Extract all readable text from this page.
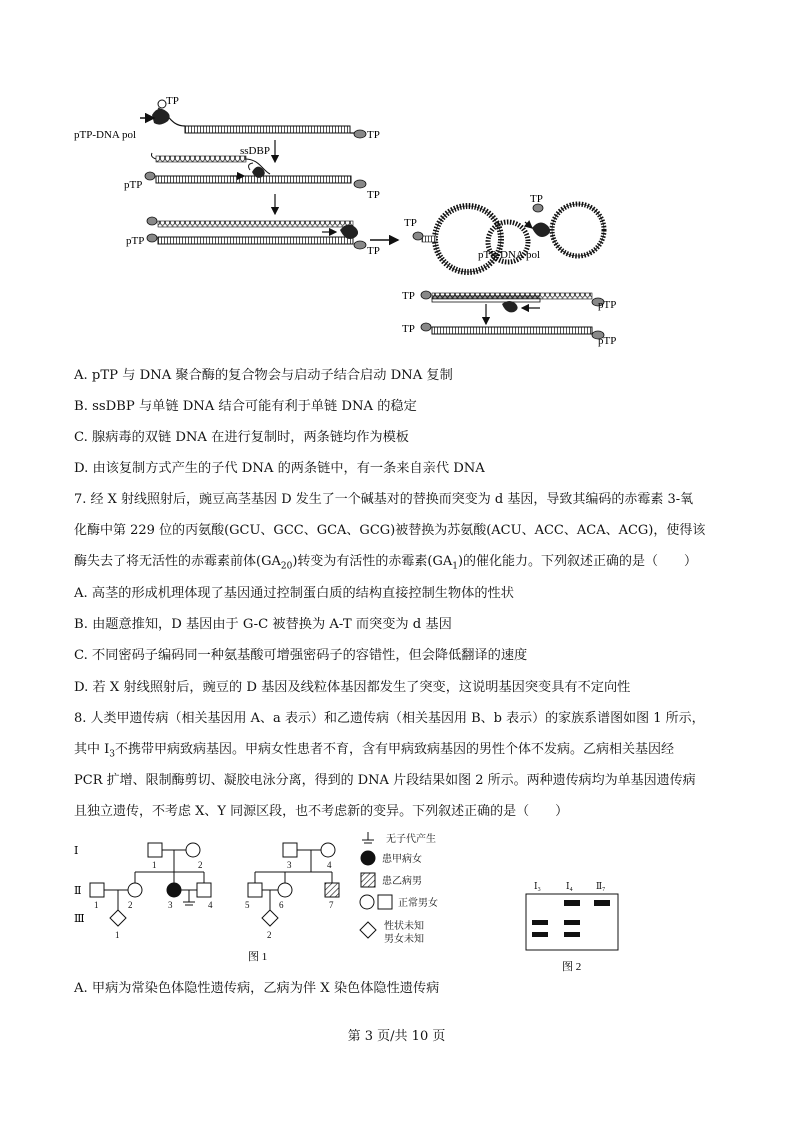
TP
pTP-DNA pol	TP
ssDBP
pTP
TP
pTP
TP
TP
TP
pTP-DNA pol
TP
pTP
TP
pTP
A. pTP 与 DNA 聚合酶的复合物会与启动子结合启动 DNA 复制
B. ssDBP 与单链 DNA 结合可能有利于单链 DNA 的稳定
C. 腺病毒的双链 DNA 在进行复制时，两条链均作为模板
D. 由该复制方式产生的子代 DNA 的两条链中，有一条来自亲代 DNA
7. 经 X 射线照射后，豌豆高茎基因 D 发生了一个碱基对的替换而突变为 d 基因，导致其编码的赤霉素 3-氧
化酶中第 229 位的丙氨酸(GCU、GCC、GCA、GCG)被替换为苏氨酸(ACU、ACC、ACA、ACG)，使得该
酶失去了将无活性的赤霉素前体$(GA_{20})$转变为有活性的赤霉素$(GA_1)$的催化能力。下列叙述正确的是（　　）
A. 高茎的形成机理体现了基因通过控制蛋白质的结构直接控制生物体的性状
B. 由题意推知，D 基因由于 G-C 被替换为 A-T 而突变为 d 基因
C. 不同密码子编码同一种氨基酸可增强密码子的容错性，但会降低翻译的速度
D. 若 X 射线照射后，豌豆的 D 基因及线粒体基因都发生了突变，这说明基因突变具有不定向性
8. 人类甲遗传病（相关基因用 A、a 表示）和乙遗传病（相关基因用 B、b 表示）的家族系谱图如图 1 所示，
其中 $Ⅰ_3$不携带甲病致病基因。甲病女性患者不育，含有甲病致病基因的男性个体不发病。乙病相关基因经
PCR 扩增、限制酶剪切、凝胶电泳分离，得到的 DNA 片段结果如图 2 所示。两种遗传病均为单基因遗传病
且独立遗传，不考虑 X、Y 同源区段，也不考虑新的变异。下列叙述正确的是（　　）
Ⅰ
Ⅱ
Ⅲ
1	2	3	4
1	2	3	4	5	6	7
1	2
图 1
无子代产生
患甲病女
患乙病男
正常男女
性状未知
男女未知
$Ⅰ_3$	$Ⅰ_4$	$Ⅱ_7$
图 2
A. 甲病为常染色体隐性遗传病，乙病为伴 X 染色体隐性遗传病
第 3 页/共 10 页
